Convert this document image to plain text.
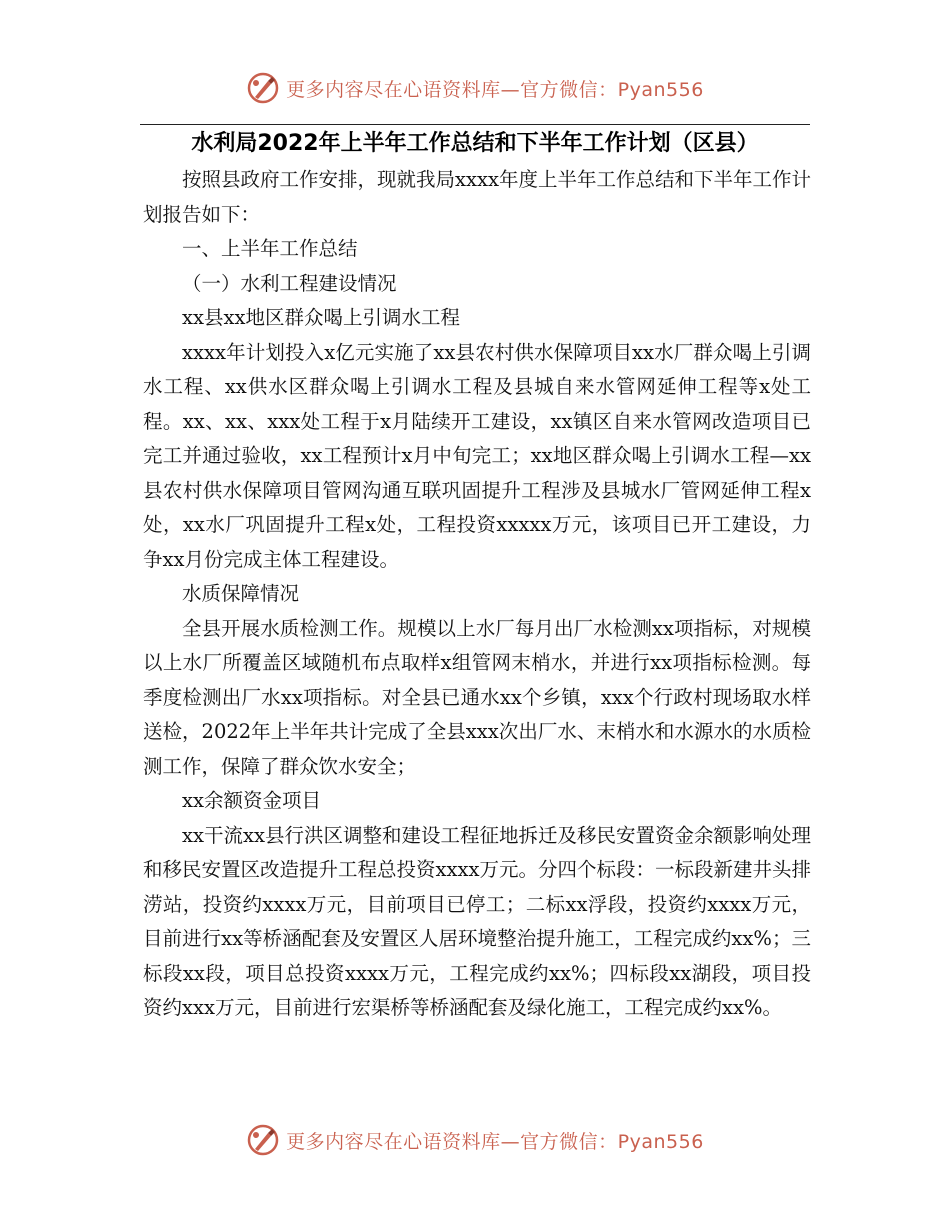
更多内容尽在心语资料库—官方微信：Pyan556
水利局2022年上半年工作总结和下半年工作计划（区县）

按照县政府工作安排，现就我局xxxx年度上半年工作总结和下半年工作计划报告如下：

一、上半年工作总结

（一）水利工程建设情况

xx县xx地区群众喝上引调水工程

xxxx年计划投入x亿元实施了xx县农村供水保障项目xx水厂群众喝上引调水工程、xx供水区群众喝上引调水工程及县城自来水管网延伸工程等x处工程。xx、xx、xxx处工程于x月陆续开工建设，xx镇区自来水管网改造项目已完工并通过验收，xx工程预计x月中旬完工；xx地区群众喝上引调水工程—xx县农村供水保障项目管网沟通互联巩固提升工程涉及县城水厂管网延伸工程x处，xx水厂巩固提升工程x处，工程投资xxxxx万元，该项目已开工建设，力争xx月份完成主体工程建设。

水质保障情况

全县开展水质检测工作。规模以上水厂每月出厂水检测xx项指标，对规模以上水厂所覆盖区域随机布点取样x组管网末梢水，并进行xx项指标检测。每季度检测出厂水xx项指标。对全县已通水xx个乡镇，xxx个行政村现场取水样送检，2022年上半年共计完成了全县xxx次出厂水、末梢水和水源水的水质检测工作，保障了群众饮水安全；

xx余额资金项目

xx干流xx县行洪区调整和建设工程征地拆迁及移民安置资金余额影响处理和移民安置区改造提升工程总投资xxxx万元。分四个标段：一标段新建井头排涝站，投资约xxxx万元，目前项目已停工；二标xx浮段，投资约xxxx万元，目前进行xx等桥涵配套及安置区人居环境整治提升施工，工程完成约xx%；三标段xx段，项目总投资xxxx万元，工程完成约xx%；四标段xx湖段，项目投资约xxx万元，目前进行宏渠桥等桥涵配套及绿化施工，工程完成约xx%。

更多内容尽在心语资料库—官方微信：Pyan556
